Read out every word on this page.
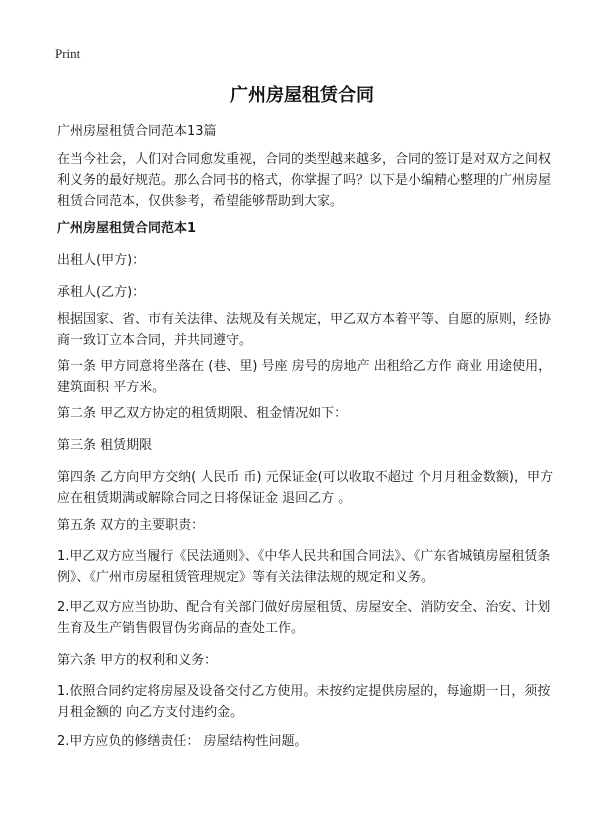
Print
广州房屋租赁合同
广州房屋租赁合同范本13篇
在当今社会，人们对合同愈发重视，合同的类型越来越多，合同的签订是对双方之间权利义务的最好规范。那么合同书的格式，你掌握了吗？以下是小编精心整理的广州房屋租赁合同范本，仅供参考，希望能够帮助到大家。
广州房屋租赁合同范本1
出租人(甲方)：
承租人(乙方)：
根据国家、省、市有关法律、法规及有关规定，甲乙双方本着平等、自愿的原则，经协商一致订立本合同，并共同遵守。
第一条 甲方同意将坐落在 (巷、里) 号座 房号的房地产 出租给乙方作 商业 用途使用，建筑面积 平方米。
第二条 甲乙双方协定的租赁期限、租金情况如下：
第三条 租赁期限
第四条 乙方向甲方交纳( 人民币 币) 元保证金(可以收取不超过 个月月租金数额)，甲方应在租赁期满或解除合同之日将保证金 退回乙方 。
第五条 双方的主要职责：
1.甲乙双方应当履行《民法通则》、《中华人民共和国合同法》、《广东省城镇房屋租赁条例》、《广州市房屋租赁管理规定》等有关法律法规的规定和义务。
2.甲乙双方应当协助、配合有关部门做好房屋租赁、房屋安全、消防安全、治安、计划生育及生产销售假冒伪劣商品的查处工作。
第六条 甲方的权利和义务：
1.依照合同约定将房屋及设备交付乙方使用。未按约定提供房屋的，每逾期一日，须按月租金额的 向乙方支付违约金。
2.甲方应负的修缮责任： 房屋结构性问题。
